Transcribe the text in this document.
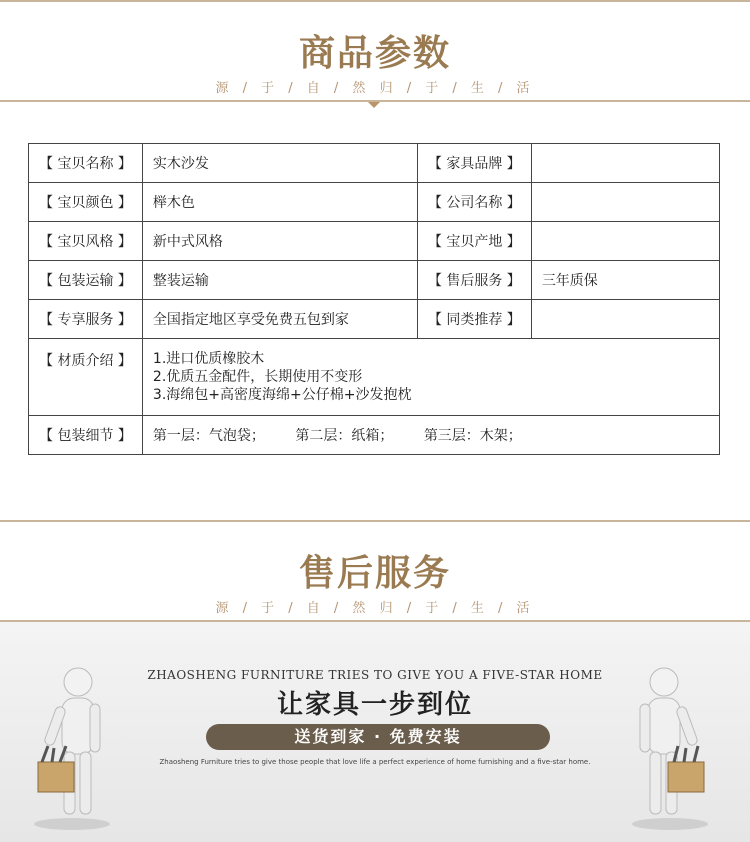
商品参数
源 / 于 / 自 / 然 归 / 于 / 生 / 活
【 宝贝名称 】	实木沙发	【 家具品牌 】	
【 宝贝颜色 】	榉木色	【 公司名称 】	
【 宝贝风格 】	新中式风格	【 宝贝产地 】	
【 包装运输 】	整装运输	【 售后服务 】	三年质保
【 专享服务 】	全国指定地区享受免费五包到家	【 同类推荐 】	
【 材质介绍 】	1.进口优质橡胶木
2.优质五金配件，长期使用不变形
3.海绵包+高密度海绵+公仔棉+沙发抱枕		

【 包装细节 】	第一层：气泡袋； 第二层：纸箱； 第三层：木架；		
售后服务
源 / 于 / 自 / 然 归 / 于 / 生 / 活
ZHAOSHENG FURNITURE TRIES TO GIVE YOU A FIVE-STAR HOME
让家具一步到位
送货到家 · 免费安装
Zhaosheng Furniture tries to give those people that love life a perfect experience of home furnishing and a five-star home.
